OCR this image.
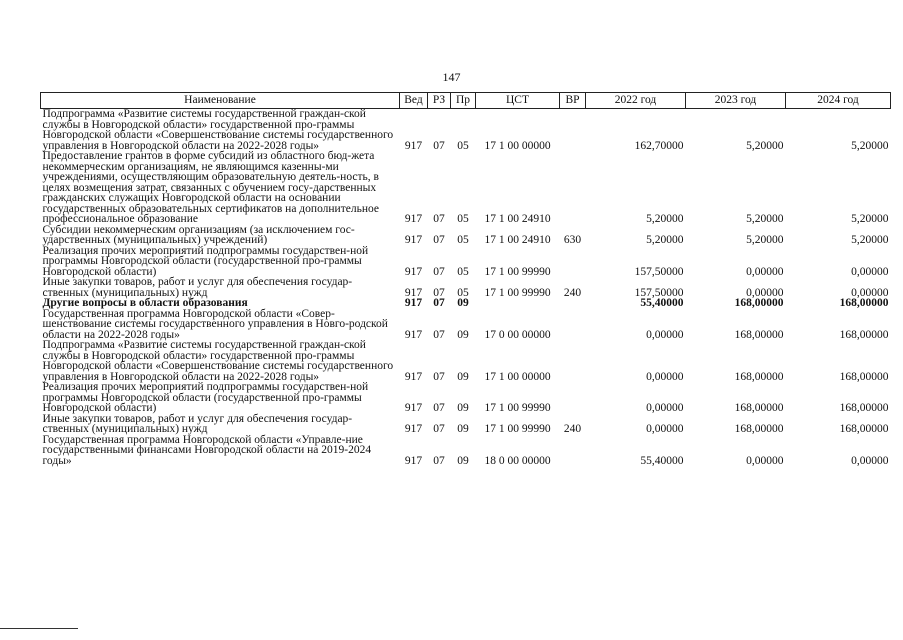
147
Наименование	Вед	РЗ	Пр	ЦСТ	ВР	2022 год	2023 год	2024 год
Подпрограмма «Развитие системы государственной граждан-ской службы в Новгородской области» государственной про-граммы Новгородской области «Совершенствование системы государственного управления в Новгородской области на 2022-2028 годы»	917	07	05	17 1 00 00000		162,70000	5,20000	5,20000
Предоставление грантов в форме субсидий из областного бюд-жета некоммерческим организациям, не являющимся казенны-ми учреждениями, осуществляющим образовательную деятель-ность, в целях возмещения затрат, связанных с обучением госу-дарственных гражданских служащих Новгородской области на основании государственных образовательных сертификатов на дополнительное профессиональное образование	917	07	05	17 1 00 24910		5,20000	5,20000	5,20000
Субсидии некоммерческим организациям (за исключением гос-ударственных (муниципальных) учреждений)	917	07	05	17 1 00 24910	630	5,20000	5,20000	5,20000
Реализация прочих мероприятий подпрограммы государствен-ной программы Новгородской области (государственной про-граммы Новгородской области)	917	07	05	17 1 00 99990		157,50000	0,00000	0,00000
Иные закупки товаров, работ и услуг для обеспечения государ-ственных (муниципальных) нужд	917	07	05	17 1 00 99990	240	157,50000	0,00000	0,00000
Другие вопросы в области образования	917	07	09			55,40000	168,00000	168,00000
Государственная программа Новгородской области «Совер-шенствование системы государственного управления в Новго-родской области на 2022-2028 годы»	917	07	09	17 0 00 00000		0,00000	168,00000	168,00000
Подпрограмма «Развитие системы государственной граждан-ской службы в Новгородской области» государственной про-граммы Новгородской области «Совершенствование системы государственного управления в Новгородской области на 2022-2028 годы»	917	07	09	17 1 00 00000		0,00000	168,00000	168,00000
Реализация прочих мероприятий подпрограммы государствен-ной программы Новгородской области (государственной про-граммы Новгородской области)	917	07	09	17 1 00 99990		0,00000	168,00000	168,00000
Иные закупки товаров, работ и услуг для обеспечения государ-ственных (муниципальных) нужд	917	07	09	17 1 00 99990	240	0,00000	168,00000	168,00000
Государственная программа Новгородской области «Управле-ние государственными финансами Новгородской области на 2019-2024 годы»	917	07	09	18 0 00 00000		55,40000	0,00000	0,00000
